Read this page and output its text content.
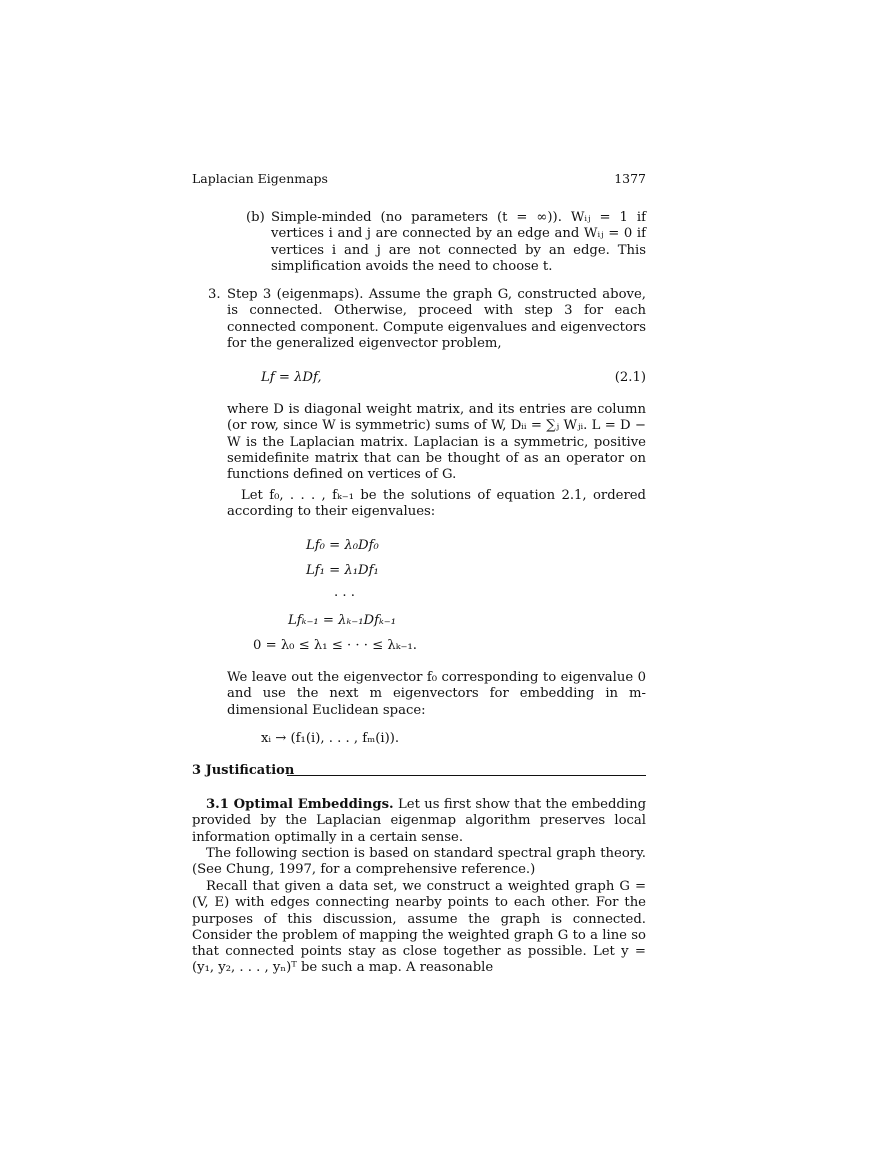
Laplacian Eigenmaps	1377
(b) Simple-minded (no parameters (t = ∞)). Wᵢⱼ = 1 if vertices i and j are connected by an edge and Wᵢⱼ = 0 if vertices i and j are not connected by an edge. This simplification avoids the need to choose t.

3. Step 3 (eigenmaps). Assume the graph G, constructed above, is connected. Otherwise, proceed with step 3 for each connected component. Compute eigenvalues and eigenvectors for the generalized eigenvector problem,

Lf = λDf,	(2.1)

where D is diagonal weight matrix, and its entries are column (or row, since W is symmetric) sums of W, Dᵢᵢ = ∑ⱼ Wⱼᵢ. L = D − W is the Laplacian matrix. Laplacian is a symmetric, positive semidefinite matrix that can be thought of as an operator on functions defined on vertices of G.

Let f₀, . . . , fₖ₋₁ be the solutions of equation 2.1, ordered according to their eigenvalues:

Lf₀ = λ₀Df₀
Lf₁ = λ₁Df₁
. . .
Lfₖ₋₁ = λₖ₋₁Dfₖ₋₁
0 = λ₀ ≤ λ₁ ≤ · · · ≤ λₖ₋₁.

We leave out the eigenvector f₀ corresponding to eigenvalue 0 and use the next m eigenvectors for embedding in m-dimensional Euclidean space:

xᵢ → (f₁(i), . . . , fₘ(i)).
3 Justification

3.1 Optimal Embeddings. Let us first show that the embedding provided by the Laplacian eigenmap algorithm preserves local information optimally in a certain sense.

The following section is based on standard spectral graph theory. (See Chung, 1997, for a comprehensive reference.)

Recall that given a data set, we construct a weighted graph G = (V, E) with edges connecting nearby points to each other. For the purposes of this discussion, assume the graph is connected. Consider the problem of mapping the weighted graph G to a line so that connected points stay as close together as possible. Let y = (y₁, y₂, . . . , yₙ)ᵀ be such a map. A reasonable
